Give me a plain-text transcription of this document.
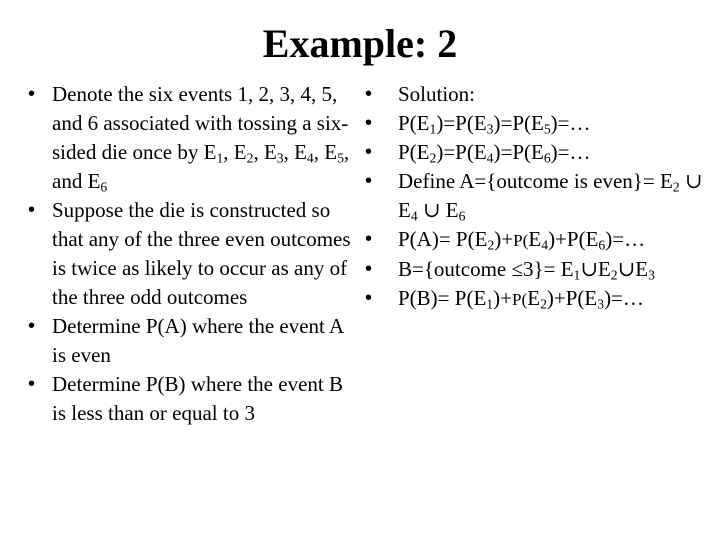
Example: 2
• Denote the six events 1, 2, 3, 4, 5, and 6 associated with tossing a six-sided die once by $E_1$, $E_2$, $E_3$, $E_4$, $E_5$, and $E_6$
• Suppose the die is constructed so that any of the three even outcomes is twice as likely to occur as any of the three odd outcomes
• Determine P(A) where the event A is even
• Determine P(B) where the event B is less than or equal to 3
• Solution:
• $P(E_1)=P(E_3)=P(E_5)=\dots$
• $P(E_2)=P(E_4)=P(E_6)=\dots$
• Define A={outcome is even}= $E_2$ ∪ $E_4$ ∪ $E_6$
• $P(A)= P(E_2)+P(E_4)+P(E_6)=\dots$
• B={outcome $\le 3\}= E_1\cup E_2\cup E_3$
• $P(B)= P(E_1)+P(E_2)+P(E_3)=\dots$
